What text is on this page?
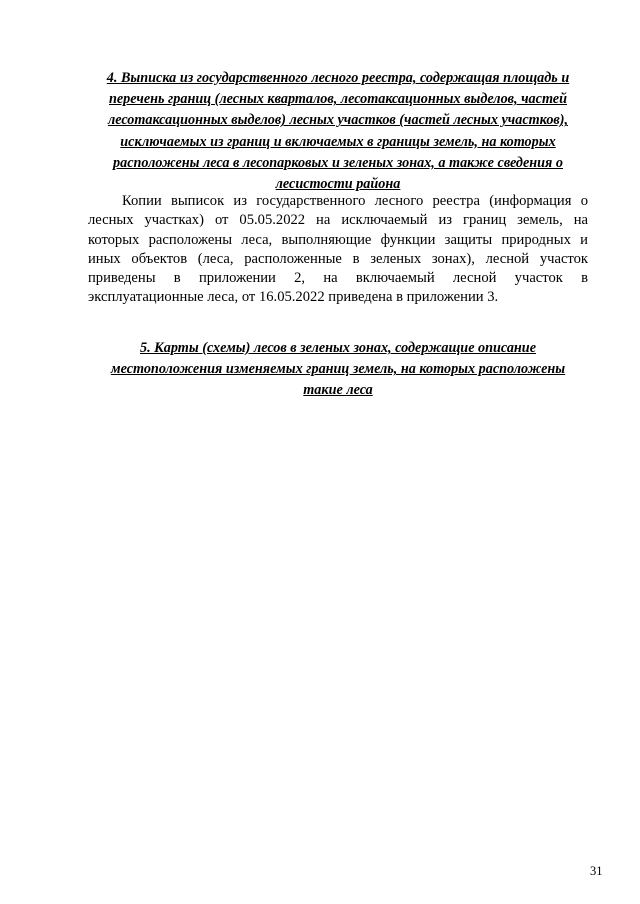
4. Выписка из государственного лесного реестра, содержащая площадь и
перечень границ (лесных кварталов, лесотаксационных выделов, частей
лесотаксационных выделов) лесных участков (частей лесных участков),
исключаемых из границ и включаемых в границы земель, на которых
расположены леса в лесопарковых и зеленых зонах, а также сведения о
лесистости района

Копии выписок из государственного лесного реестра (информация о
лесных участках) от 05.05.2022 на исключаемый из границ земель, на
которых расположены леса, выполняющие функции защиты природных и
иных объектов (леса, расположенные в зеленых зонах), лесной участок
приведены в приложении 2, на включаемый лесной участок в
эксплуатационные леса, от 16.05.2022 приведена в приложении 3.

5. Карты (схемы) лесов в зеленых зонах, содержащие описание
местоположения изменяемых границ земель, на которых расположены
такие леса
31
